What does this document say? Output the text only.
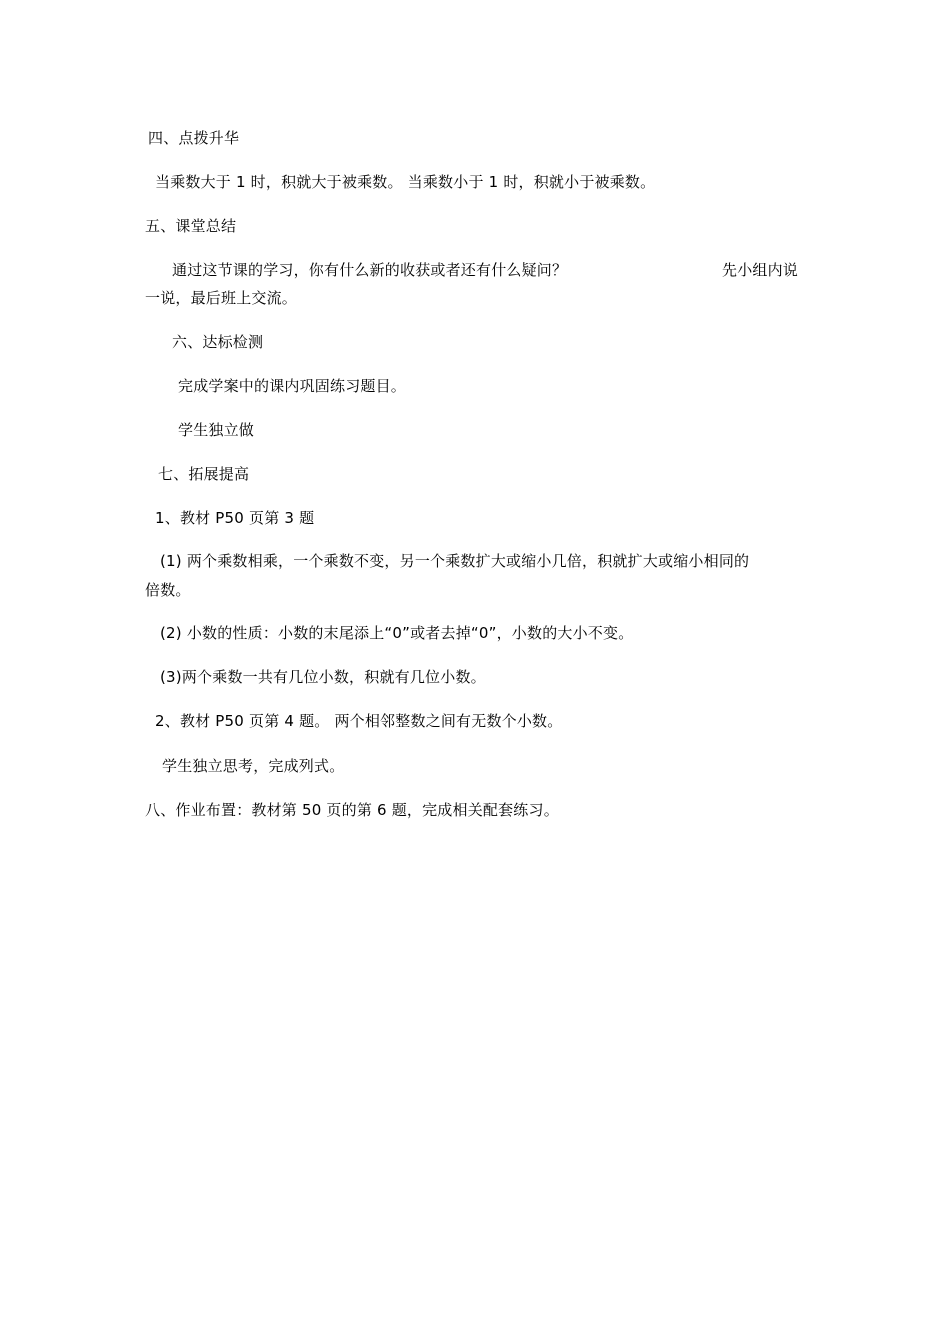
四、点拨升华
当乘数大于 1 时，积就大于被乘数。 当乘数小于 1 时，积就小于被乘数。
五、课堂总结
通过这节课的学习，你有什么新的收获或者还有什么疑问？	先小组内说
一说，最后班上交流。
六、达标检测
完成学案中的课内巩固练习题目。
学生独立做
七、拓展提高
1、教材 P50 页第 3 题
(1) 两个乘数相乘，一个乘数不变，另一个乘数扩大或缩小几倍，积就扩大或缩小相同的
倍数。
(2) 小数的性质：小数的末尾添上“0”或者去掉“0”，小数的大小不变。
(3)两个乘数一共有几位小数，积就有几位小数。
2、教材 P50 页第 4 题。 两个相邻整数之间有无数个小数。
学生独立思考，完成列式。
八、作业布置：教材第 50 页的第 6 题，完成相关配套练习。
